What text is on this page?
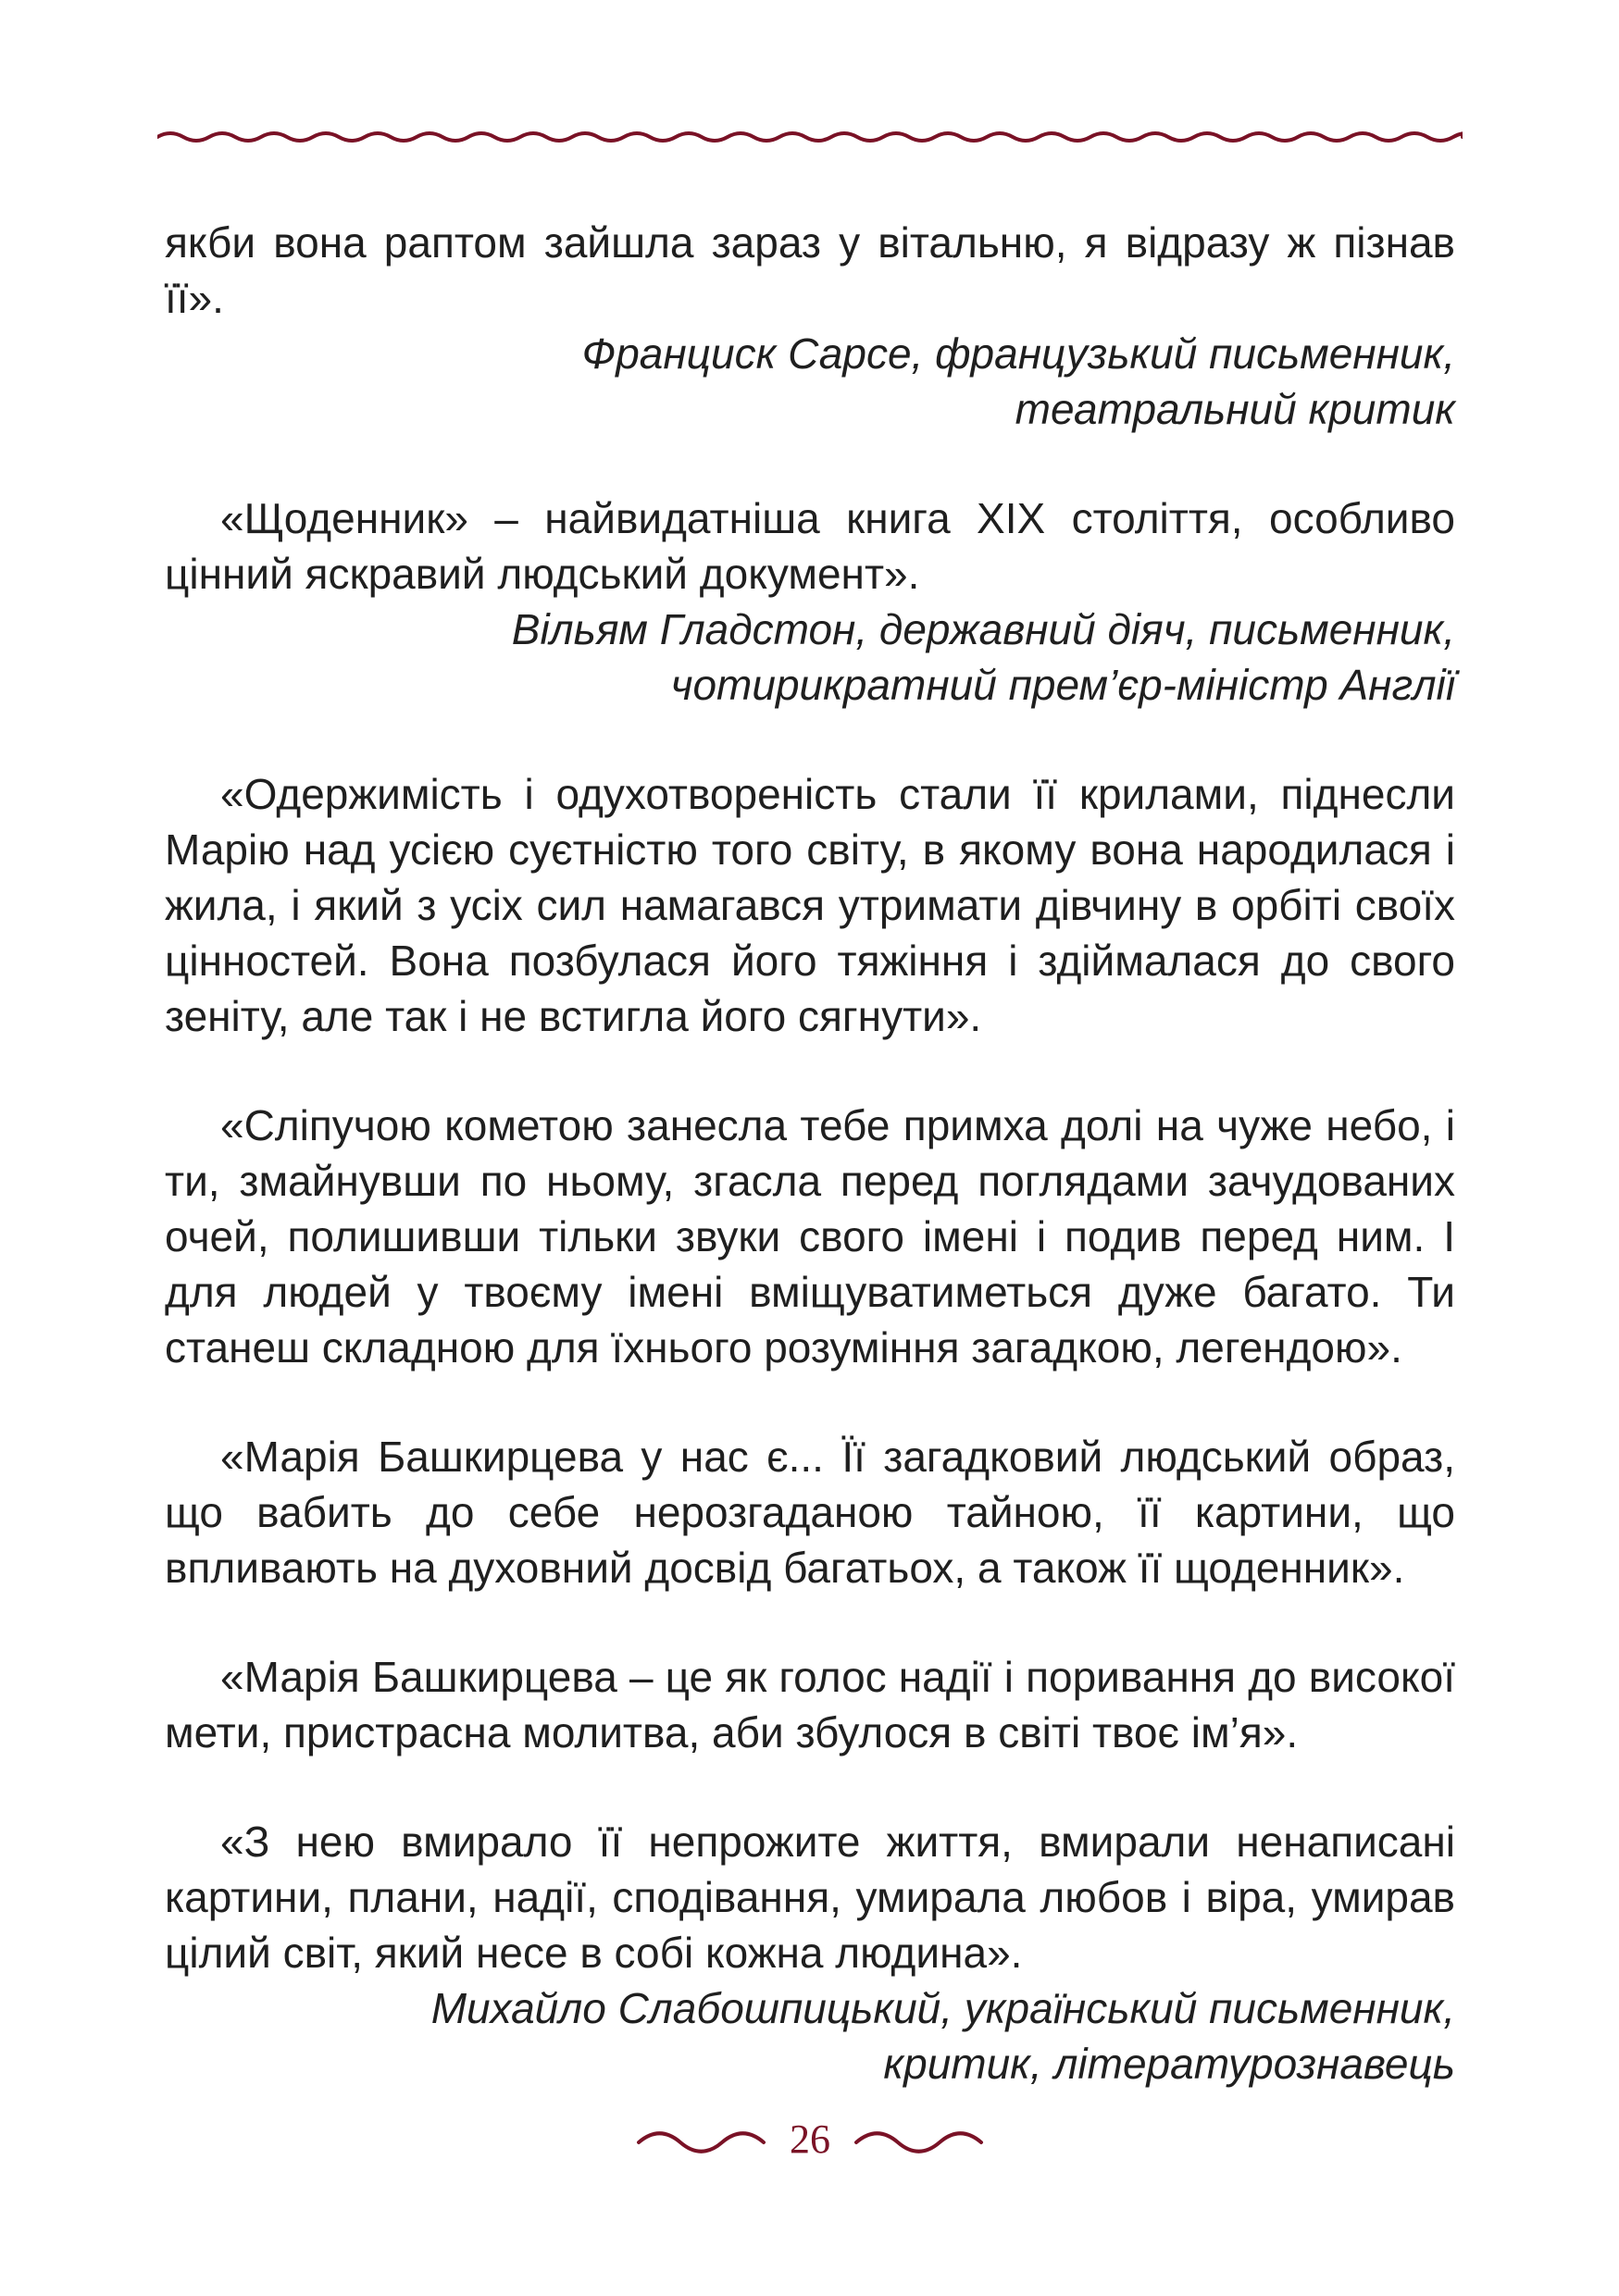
якби вона раптом зайшла зараз у вітальню, я відразу ж пізнав її».

Франциск Сарсе, французький письменник,

театральний критик

«Щоденник» – найвидатніша книга XIX століття, особливо цінний яскравий людський документ».

Вільям Гладстон, державний діяч, письменник,

чотирикратний прем’єр-міністр Англії

«Одержимість і одухотвореність стали її крилами, піднесли Марію над усією суєтністю того світу, в якому вона народилася і жила, і який з усіх сил намагався утримати дівчину в орбіті своїх цінностей. Вона позбулася його тяжіння і здіймалася до свого зеніту, але так і не встигла його сягнути».

«Сліпучою кометою занесла тебе примха долі на чуже небо, і ти, змайнувши по ньому, згасла перед поглядами зачудованих очей, полишивши тільки звуки свого імені і подив перед ним. І для людей у твоєму імені вміщуватиметься дуже багато. Ти станеш складною для їхнього розуміння загадкою, легендою».

«Марія Башкирцева у нас є... Її загадковий людський образ, що вабить до себе нерозгаданою тайною, її картини, що впливають на духовний досвід багатьох, а також її щоденник».

«Марія Башкирцева – це як голос надії і поривання до високої мети, пристрасна молитва, аби збулося в світі твоє ім’я».

«З нею вмирало її непрожите життя, вмирали ненаписані картини, плани, надії, сподівання, умирала любов і віра, умирав цілий світ, який несе в собі кожна людина».

Михайло Слабошпицький, український письменник,

критик, літературознавець

26
